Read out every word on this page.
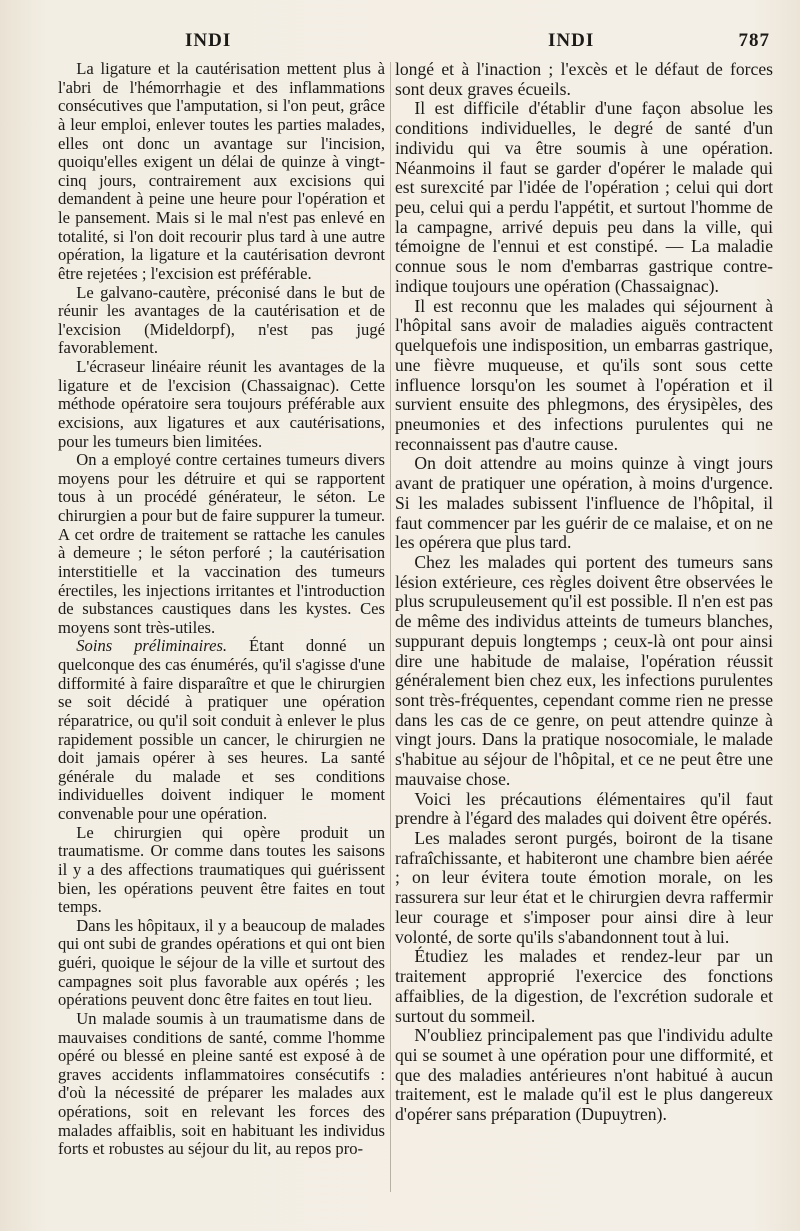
INDI	INDI	787

La ligature et la cautérisation mettent plus à l'abri de l'hémorrhagie et des inflammations consécutives que l'amputation, si l'on peut, grâce à leur emploi, enlever toutes les parties malades, elles ont donc un avantage sur l'incision, quoiqu'elles exigent un délai de quinze à vingt-cinq jours, contrairement aux excisions qui demandent à peine une heure pour l'opération et le pansement. Mais si le mal n'est pas enlevé en totalité, si l'on doit recourir plus tard à une autre opération, la ligature et la cautérisation devront être rejetées ; l'excision est préférable.

Le galvano-cautère, préconisé dans le but de réunir les avantages de la cautérisation et de l'excision (Mideldorpf), n'est pas jugé favorablement.

L'écraseur linéaire réunit les avantages de la ligature et de l'excision (Chassaignac). Cette méthode opératoire sera toujours préférable aux excisions, aux ligatures et aux cautérisations, pour les tumeurs bien limitées.

On a employé contre certaines tumeurs divers moyens pour les détruire et qui se rapportent tous à un procédé générateur, le séton. Le chirurgien a pour but de faire suppurer la tumeur. A cet ordre de traitement se rattache les canules à demeure ; le séton perforé ; la cautérisation interstitielle et la vaccination des tumeurs érectiles, les injections irritantes et l'introduction de substances caustiques dans les kystes. Ces moyens sont très-utiles.

Soins préliminaires. Étant donné un quelconque des cas énumérés, qu'il s'agisse d'une difformité à faire disparaître et que le chirurgien se soit décidé à pratiquer une opération réparatrice, ou qu'il soit conduit à enlever le plus rapidement possible un cancer, le chirurgien ne doit jamais opérer à ses heures. La santé générale du malade et ses conditions individuelles doivent indiquer le moment convenable pour une opération.

Le chirurgien qui opère produit un traumatisme. Or comme dans toutes les saisons il y a des affections traumatiques qui guérissent bien, les opérations peuvent être faites en tout temps.

Dans les hôpitaux, il y a beaucoup de malades qui ont subi de grandes opérations et qui ont bien guéri, quoique le séjour de la ville et surtout des campagnes soit plus favorable aux opérés ; les opérations peuvent donc être faites en tout lieu.

Un malade soumis à un traumatisme dans de mauvaises conditions de santé, comme l'homme opéré ou blessé en pleine santé est exposé à de graves accidents inflammatoires consécutifs : d'où la nécessité de préparer les malades aux opérations, soit en relevant les forces des malades affaiblis, soit en habituant les individus forts et robustes au séjour du lit, au repos pro-

longé et à l'inaction ; l'excès et le défaut de forces sont deux graves écueils.

Il est difficile d'établir d'une façon absolue les conditions individuelles, le degré de santé d'un individu qui va être soumis à une opération. Néanmoins il faut se garder d'opérer le malade qui est surexcité par l'idée de l'opération ; celui qui dort peu, celui qui a perdu l'appétit, et surtout l'homme de la campagne, arrivé depuis peu dans la ville, qui témoigne de l'ennui et est constipé. — La maladie connue sous le nom d'embarras gastrique contre-indique toujours une opération (Chassaignac).

Il est reconnu que les malades qui séjournent à l'hôpital sans avoir de maladies aiguës contractent quelquefois une indisposition, un embarras gastrique, une fièvre muqueuse, et qu'ils sont sous cette influence lorsqu'on les soumet à l'opération et il survient ensuite des phlegmons, des érysipèles, des pneumonies et des infections purulentes qui ne reconnaissent pas d'autre cause.

On doit attendre au moins quinze à vingt jours avant de pratiquer une opération, à moins d'urgence. Si les malades subissent l'influence de l'hôpital, il faut commencer par les guérir de ce malaise, et on ne les opérera que plus tard.

Chez les malades qui portent des tumeurs sans lésion extérieure, ces règles doivent être observées le plus scrupuleusement qu'il est possible. Il n'en est pas de même des individus atteints de tumeurs blanches, suppurant depuis longtemps ; ceux-là ont pour ainsi dire une habitude de malaise, l'opération réussit généralement bien chez eux, les infections purulentes sont très-fréquentes, cependant comme rien ne presse dans les cas de ce genre, on peut attendre quinze à vingt jours. Dans la pratique nosocomiale, le malade s'habitue au séjour de l'hôpital, et ce ne peut être une mauvaise chose.

Voici les précautions élémentaires qu'il faut prendre à l'égard des malades qui doivent être opérés.

Les malades seront purgés, boiront de la tisane rafraîchissante, et habiteront une chambre bien aérée ; on leur évitera toute émotion morale, on les rassurera sur leur état et le chirurgien devra raffermir leur courage et s'imposer pour ainsi dire à leur volonté, de sorte qu'ils s'abandonnent tout à lui.

Étudiez les malades et rendez-leur par un traitement approprié l'exercice des fonctions affaiblies, de la digestion, de l'excrétion sudorale et surtout du sommeil.

N'oubliez principalement pas que l'individu adulte qui se soumet à une opération pour une difformité, et que des maladies antérieures n'ont habitué à aucun traitement, est le malade qu'il est le plus dangereux d'opérer sans préparation (Dupuytren).
